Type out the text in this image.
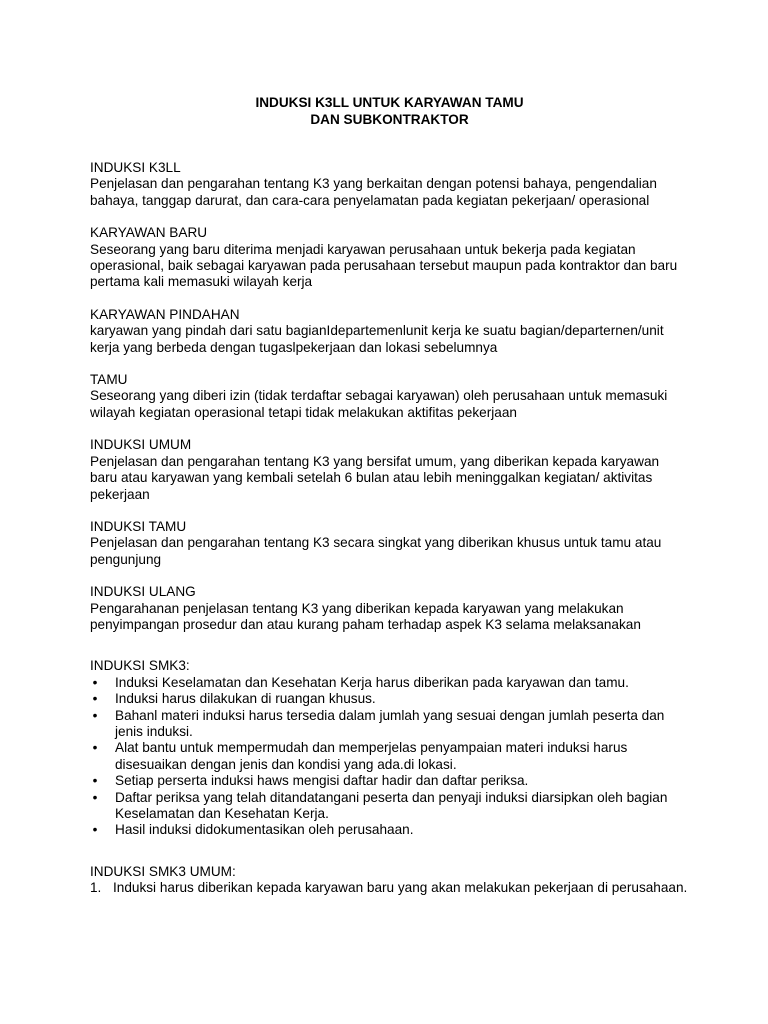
INDUKSI K3LL UNTUK KARYAWAN TAMU

DAN SUBKONTRAKTOR

INDUKSI K3LL

Penjelasan dan pengarahan tentang K3 yang berkaitan dengan potensi bahaya, pengendalian bahaya, tanggap darurat, dan cara-cara penyelamatan pada kegiatan pekerjaan/ operasional

KARYAWAN BARU

Seseorang yang baru diterima menjadi karyawan perusahaan untuk bekerja pada kegiatan operasional, baik sebagai karyawan pada perusahaan tersebut maupun pada kontraktor dan baru pertama kali memasuki wilayah kerja

KARYAWAN PINDAHAN

karyawan yang pindah dari satu bagianIdepartemenlunit kerja ke suatu bagian/departernen/unit kerja yang berbeda dengan tugaslpekerjaan dan lokasi sebelumnya

TAMU

Seseorang yang diberi izin (tidak terdaftar sebagai karyawan) oleh perusahaan untuk memasuki wilayah kegiatan operasional tetapi tidak melakukan aktifitas pekerjaan

INDUKSI UMUM

Penjelasan dan pengarahan tentang K3 yang bersifat umum, yang diberikan kepada karyawan baru atau karyawan yang kembali setelah 6 bulan atau lebih meninggalkan kegiatan/ aktivitas pekerjaan

INDUKSI TAMU

Penjelasan dan pengarahan tentang K3 secara singkat yang diberikan khusus untuk tamu atau pengunjung

INDUKSI ULANG

Pengarahanan penjelasan tentang K3 yang diberikan kepada karyawan yang melakukan penyimpangan prosedur dan atau kurang paham terhadap aspek K3 selama melaksanakan

INDUKSI SMK3:

• Induksi Keselamatan dan Kesehatan Kerja harus diberikan pada karyawan dan tamu.
• Induksi harus dilakukan di ruangan khusus.
• Bahanl materi induksi harus tersedia dalam jumlah yang sesuai dengan jumlah peserta dan jenis induksi.
• Alat bantu untuk mempermudah dan memperjelas penyampaian materi induksi harus disesuaikan dengan jenis dan kondisi yang ada.di lokasi.
• Setiap perserta induksi haws mengisi daftar hadir dan daftar periksa.
• Daftar periksa yang telah ditandatangani peserta dan penyaji induksi diarsipkan oleh bagian Keselamatan dan Kesehatan Kerja.
• Hasil induksi didokumentasikan oleh perusahaan.

INDUKSI SMK3 UMUM:

1. Induksi harus diberikan kepada karyawan baru yang akan melakukan pekerjaan di perusahaan.
